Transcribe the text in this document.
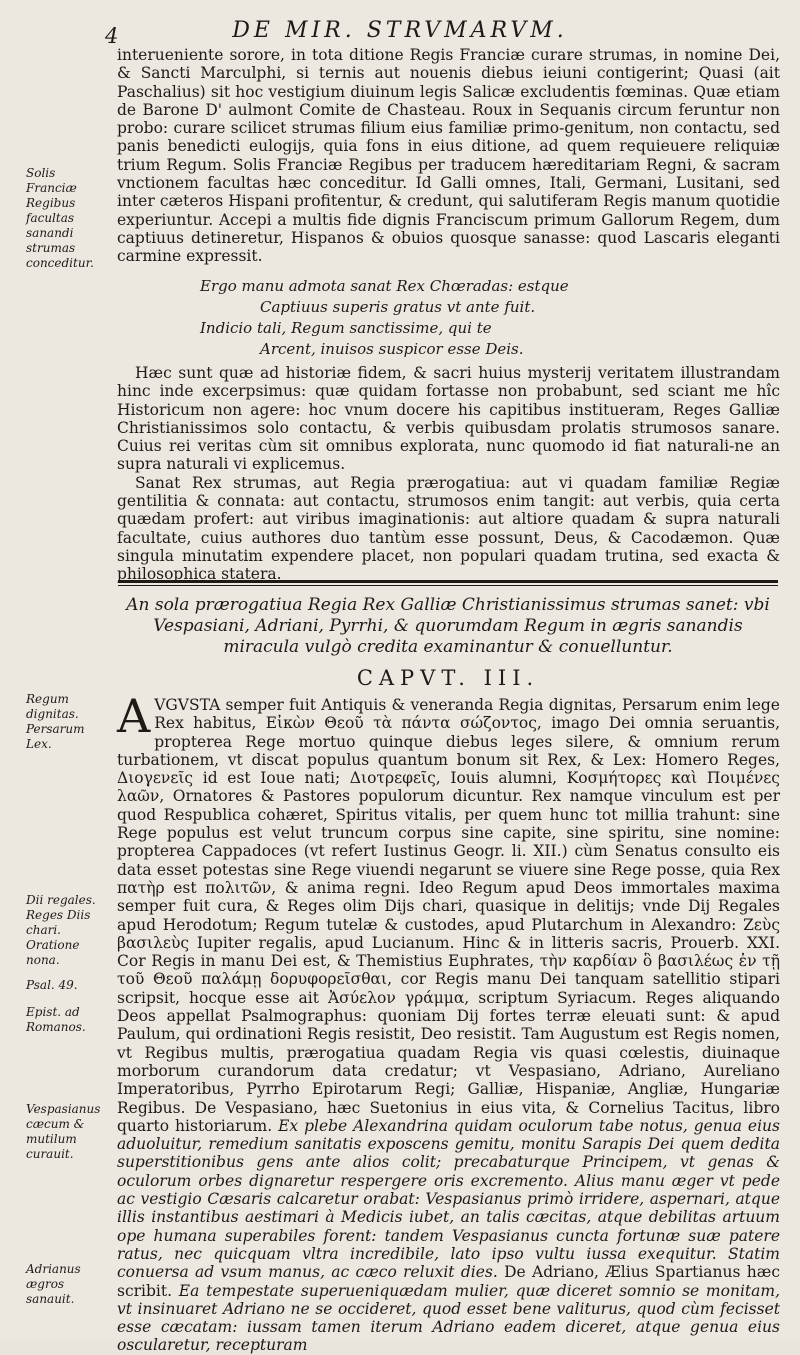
4	DE MIR. STRVMARVM.

interueniente sorore, in tota ditione Regis Franciæ curare strumas, in nomine Dei, & Sancti Marculphi, si ternis aut nouenis diebus ieiuni contigerint; Quasi (ait Paschalius) sit hoc vestigium diuinum legis Salicæ excludentis fœminas. Quæ etiam de Barone D' aulmont Comite de Chasteau. Roux in Sequanis circum feruntur non probo: curare scilicet strumas filium eius familiæ primo-genitum, non contactu, sed panis benedicti eulogijs, quia fons in eius ditione, ad quem requieuere reliquiæ trium Regum. Solis Franciæ Regibus per traducem hæreditariam Regni, & sacram vnctionem facultas hæc conceditur. Id Galli omnes, Itali, Germani, Lusitani, sed inter cæteros Hispani profitentur, & credunt, qui salutiferam Regis manum quotidie experiuntur. Accepi a multis fide dignis Franciscum primum Gallorum Regem, dum captiuus detineretur, Hispanos & obuios quosque sanasse: quod Lascaris eleganti carmine expressit.

Ergo manu admota sanat Rex Chœradas: estque
Captiuus superis gratus vt ante fuit.
Indicio tali, Regum sanctissime, qui te
Arcent, inuisos suspicor esse Deis.

Hæc sunt quæ ad historiæ fidem, & sacri huius mysterij veritatem illustrandam hinc inde excerpsimus: quæ quidam fortasse non probabunt, sed sciant me hîc Historicum non agere: hoc vnum docere his capitibus institueram, Reges Galliæ Christianissimos solo contactu, & verbis quibusdam prolatis strumosos sanare. Cuius rei veritas cùm sit omnibus explorata, nunc quomodo id fiat naturali-ne an supra naturali vi explicemus.

Sanat Rex strumas, aut Regia prærogatiua: aut vi quadam familiæ Regiæ gentilitia & connata: aut contactu, strumosos enim tangit: aut verbis, quia certa quædam profert: aut viribus imaginationis: aut altiore quadam & supra naturali facultate, cuius authores duo tantùm esse possunt, Deus, & Cacodæmon. Quæ singula minutatim expendere placet, non populari quadam trutina, sed exacta & philosophica statera.

An sola prærogatiua Regia Rex Galliæ Christianissimus strumas sanet: vbi Vespasiani, Adriani, Pyrrhi, & quorumdam Regum in ægris sanandis miracula vulgò credita examinantur & conuelluntur.
CAPVT. III.

AVGVSTA semper fuit Antiquis & veneranda Regia dignitas, Persarum enim lege Rex habitus, Εἰκὼν Θεοῦ τὰ πάντα σώζοντος, imago Dei omnia seruantis, propterea Rege mortuo quinque diebus leges silere, & omnium rerum turbationem, vt discat populus quantum bonum sit Rex, & Lex: Homero Reges, Διογενεῖς id est Ioue nati; Διοτρεφεῖς, Iouis alumni, Κοσμήτορες καὶ Ποιμένες λαῶν, Ornatores & Pastores populorum dicuntur. Rex namque vinculum est per quod Respublica cohæret, Spiritus vitalis, per quem hunc tot millia trahunt: sine Rege populus est velut truncum corpus sine capite, sine spiritu, sine nomine: propterea Cappadoces (vt refert Iustinus Geogr. li. XII.) cùm Senatus consulto eis data esset potestas sine Rege viuendi negarunt se viuere sine Rege posse, quia Rex πατὴρ est πολιτῶν, & anima regni. Ideo Regum apud Deos immortales maxima semper fuit cura, & Reges olim Dijs chari, quasique in delitijs; vnde Dij Regales apud Herodotum; Regum tutelæ & custodes, apud Plutarchum in Alexandro: Ζεὺς βασιλεὺς Iupiter regalis, apud Lucianum. Hinc & in litteris sacris, Prouerb. XXI. Cor Regis in manu Dei est, & Themistius Euphrates, τὴν καρδίαν ὃ βασιλέως ἐν τῇ τοῦ Θεοῦ παλάμῃ δορυφορεῖσθαι, cor Regis manu Dei tanquam satellitio stipari scripsit, hocque esse ait Ἀσύελον γράμμα, scriptum Syriacum. Reges aliquando Deos appellat Psalmographus: quoniam Dij fortes terræ eleuati sunt: & apud Paulum, qui ordinationi Regis resistit, Deo resistit. Tam Augustum est Regis nomen, vt Regibus multis, prærogatiua quadam Regia vis quasi cœlestis, diuinaque morborum curandorum data credatur; vt Vespasiano, Adriano, Aureliano Imperatoribus, Pyrrho Epirotarum Regi; Galliæ, Hispaniæ, Angliæ, Hungariæ Regibus. De Vespasiano, hæc Suetonius in eius vita, & Cornelius Tacitus, libro quarto historiarum. Ex plebe Alexandrina quidam oculorum tabe notus, genua eius aduoluitur, remedium sanitatis exposcens gemitu, monitu Sarapis Dei quem dedita superstitionibus gens ante alios colit; precabaturque Principem, vt genas & oculorum orbes dignaretur respergere oris excremento. Alius manu æger vt pede ac vestigio Cæsaris calcaretur orabat: Vespasianus primò irridere, aspernari, atque illis instantibus aestimari à Medicis iubet, an talis cæcitas, atque debilitas artuum ope humana superabiles forent: tandem Vespasianus cuncta fortunæ suæ patere ratus, nec quicquam vltra incredibile, lato ipso vultu iussa exequitur. Statim conuersa ad vsum manus, ac cæco reluxit dies. De Adriano, Ælius Spartianus hæc scribit. Ea tempestate superueniquædam mulier, quæ diceret somnio se monitam, vt insinuaret Adriano ne se occideret, quod esset bene valiturus, quod cùm fecisset esse cæcatam: iussam tamen iterum Adriano eadem diceret, atque genua eius oscularetur, recepturam

Solis Franciæ Regibus facultas sanandi strumas conceditur.
Regum dignitas. Persarum Lex.
Dii regales. Reges Diis chari. Oratione nona.
Psal. 49.
Epist. ad Romanos.
Vespasianus cæcum & mutilum curauit.
Adrianus ægros sanauit.
